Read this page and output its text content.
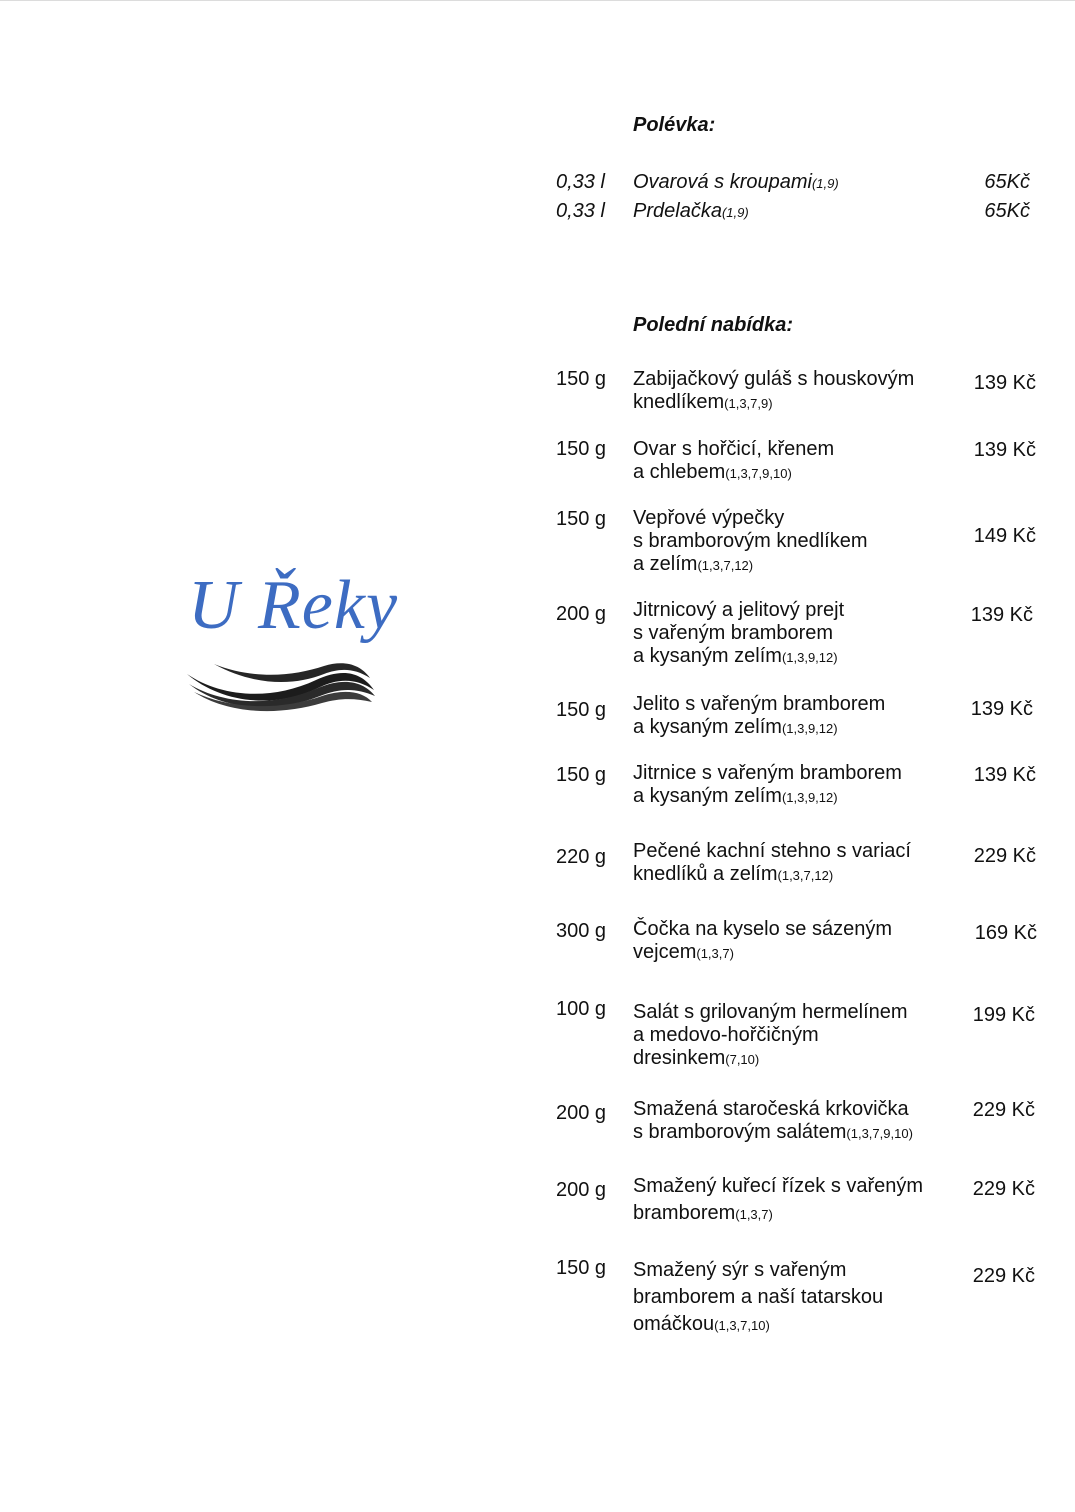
U Řeky
Polévka:
0,33 l Ovarová s kroupami(1,9)	65Kč
0,33 l Prdelačka(1,9)	65Kč
Polední nabídka:
150 g Zabijačkový guláš s houskovým
knedlíkem(1,3,7,9)
139 Kč
150 g Ovar s hořčicí, křenem
a chlebem(1,3,7,9,10)
139 Kč
150 g Vepřové výpečky
s bramborovým knedlíkem
a zelím(1,3,7,12)
149 Kč
200 g Jitrnicový a jelitový prejt
s vařeným bramborem
a kysaným zelím(1,3,9,12)
139 Kč
150 g Jelito s vařeným bramborem
a kysaným zelím(1,3,9,12)
139 Kč
150 g Jitrnice s vařeným bramborem
a kysaným zelím(1,3,9,12)
139 Kč
220 g Pečené kachní stehno s variací
knedlíků a zelím(1,3,7,12)
229 Kč
300 g Čočka na kyselo se sázeným
vejcem(1,3,7)
169 Kč
100 g Salát s grilovaným hermelínem
a medovo-hořčičným
dresinkem(7,10)
199 Kč
200 g Smažená staročeská krkovička
s bramborovým salátem(1,3,7,9,10)
229 Kč
200 g Smažený kuřecí řízek s vařeným
bramborem(1,3,7)
229 Kč
150 g Smažený sýr s vařeným
bramborem a naší tatarskou
omáčkou(1,3,7,10)
229 Kč
